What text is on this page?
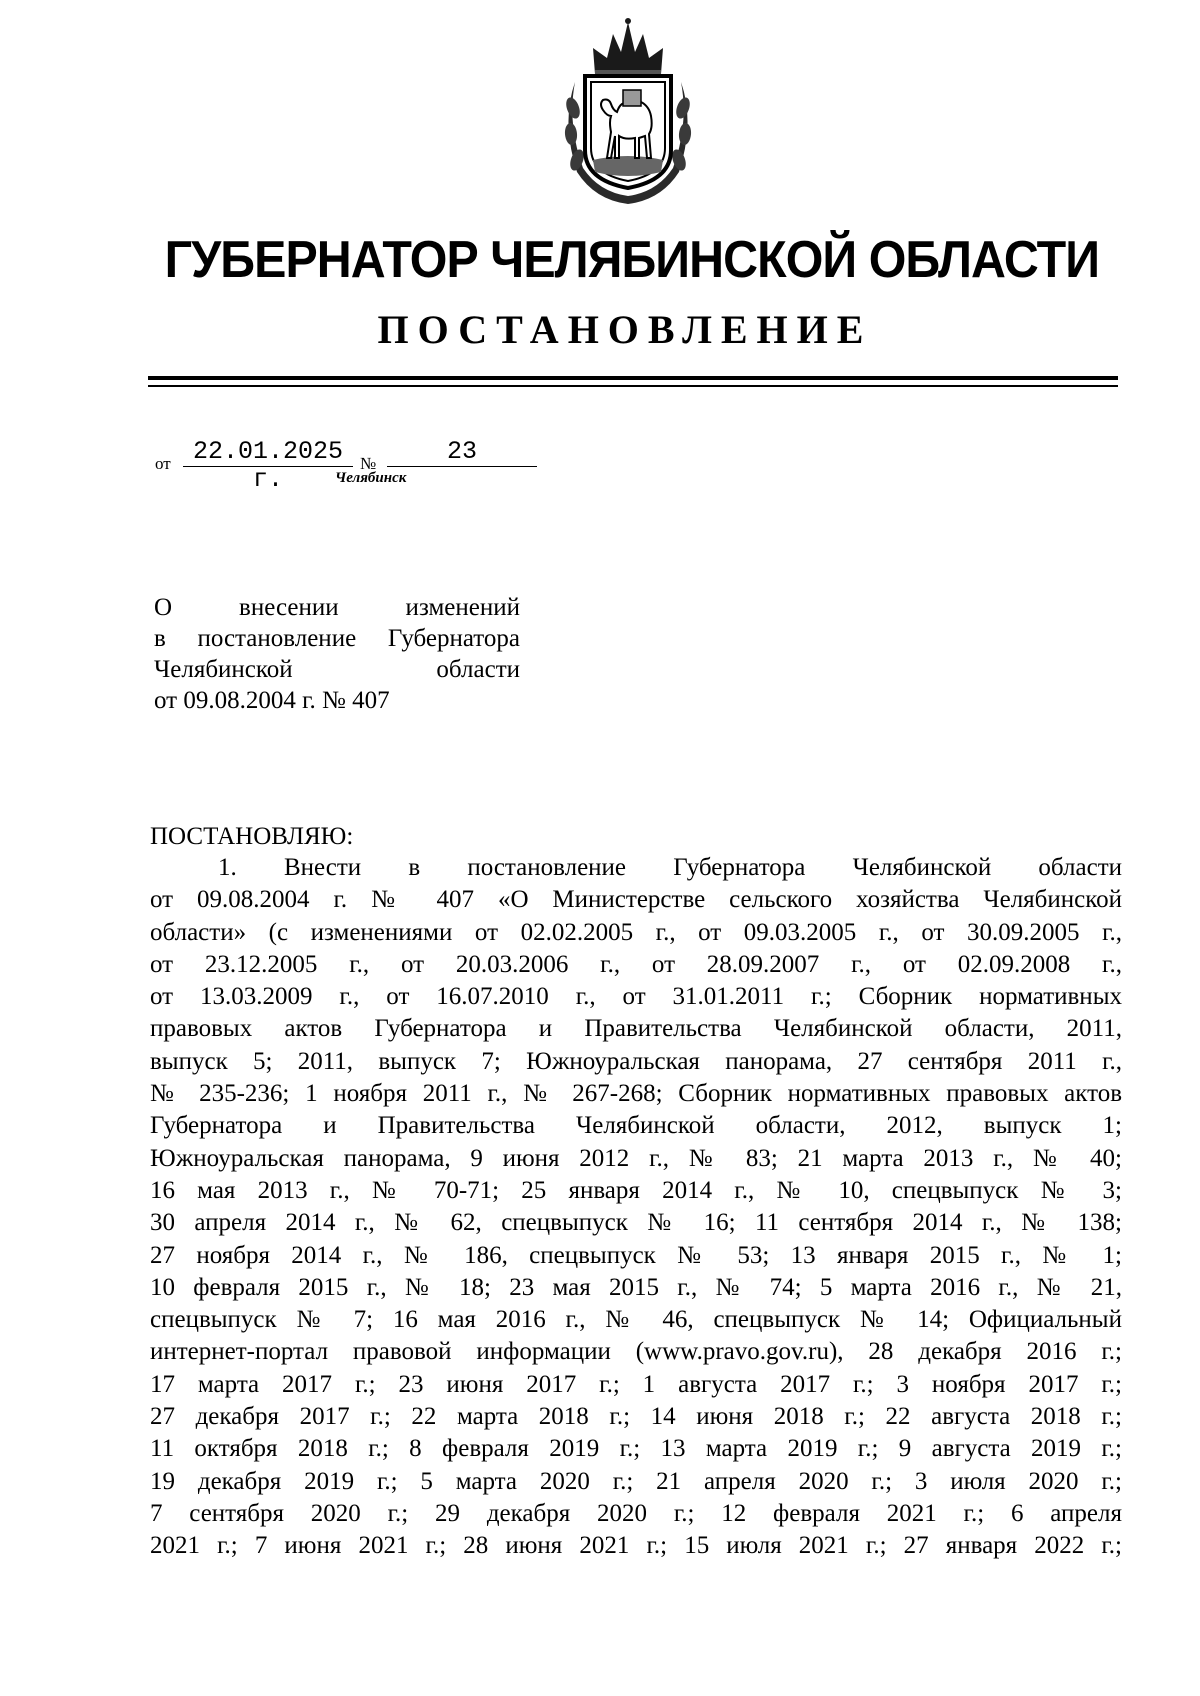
ГУБЕРНАТОР ЧЕЛЯБИНСКОЙ ОБЛАСТИ
ПОСТАНОВЛЕНИЕ
от 22.01.2025 г.
№	23
Челябинск
О внесении изменений
в постановление Губернатора
Челябинской области
от 09.08.2004 г. № 407
ПОСТАНОВЛЯЮ:
1. Внести в постановление Губернатора Челябинской области
от 09.08.2004 г. № 407 «О Министерстве сельского хозяйства Челябинской
области» (с изменениями от 02.02.2005 г., от 09.03.2005 г., от 30.09.2005 г.,
от 23.12.2005 г., от 20.03.2006 г., от 28.09.2007 г., от 02.09.2008 г.,
от 13.03.2009 г., от 16.07.2010 г., от 31.01.2011 г.; Сборник нормативных
правовых актов Губернатора и Правительства Челябинской области, 2011,
выпуск 5; 2011, выпуск 7; Южноуральская панорама, 27 сентября 2011 г.,
№ 235-236; 1 ноября 2011 г., № 267-268; Сборник нормативных правовых актов
Губернатора и Правительства Челябинской области, 2012, выпуск 1;
Южноуральская панорама, 9 июня 2012 г., № 83; 21 марта 2013 г., № 40;
16 мая 2013 г., № 70-71; 25 января 2014 г., № 10, спецвыпуск № 3;
30 апреля 2014 г., № 62, спецвыпуск № 16; 11 сентября 2014 г., № 138;
27 ноября 2014 г., № 186, спецвыпуск № 53; 13 января 2015 г., № 1;
10 февраля 2015 г., № 18; 23 мая 2015 г., № 74; 5 марта 2016 г., № 21,
спецвыпуск № 7; 16 мая 2016 г., № 46, спецвыпуск № 14; Официальный
интернет-портал правовой информации (www.pravo.gov.ru), 28 декабря 2016 г.;
17 марта 2017 г.; 23 июня 2017 г.; 1 августа 2017 г.; 3 ноября 2017 г.;
27 декабря 2017 г.; 22 марта 2018 г.; 14 июня 2018 г.; 22 августа 2018 г.;
11 октября 2018 г.; 8 февраля 2019 г.; 13 марта 2019 г.; 9 августа 2019 г.;
19 декабря 2019 г.; 5 марта 2020 г.; 21 апреля 2020 г.; 3 июля 2020 г.;
7 сентября 2020 г.; 29 декабря 2020 г.; 12 февраля 2021 г.; 6 апреля
2021 г.; 7 июня 2021 г.; 28 июня 2021 г.; 15 июля 2021 г.; 27 января 2022 г.;
